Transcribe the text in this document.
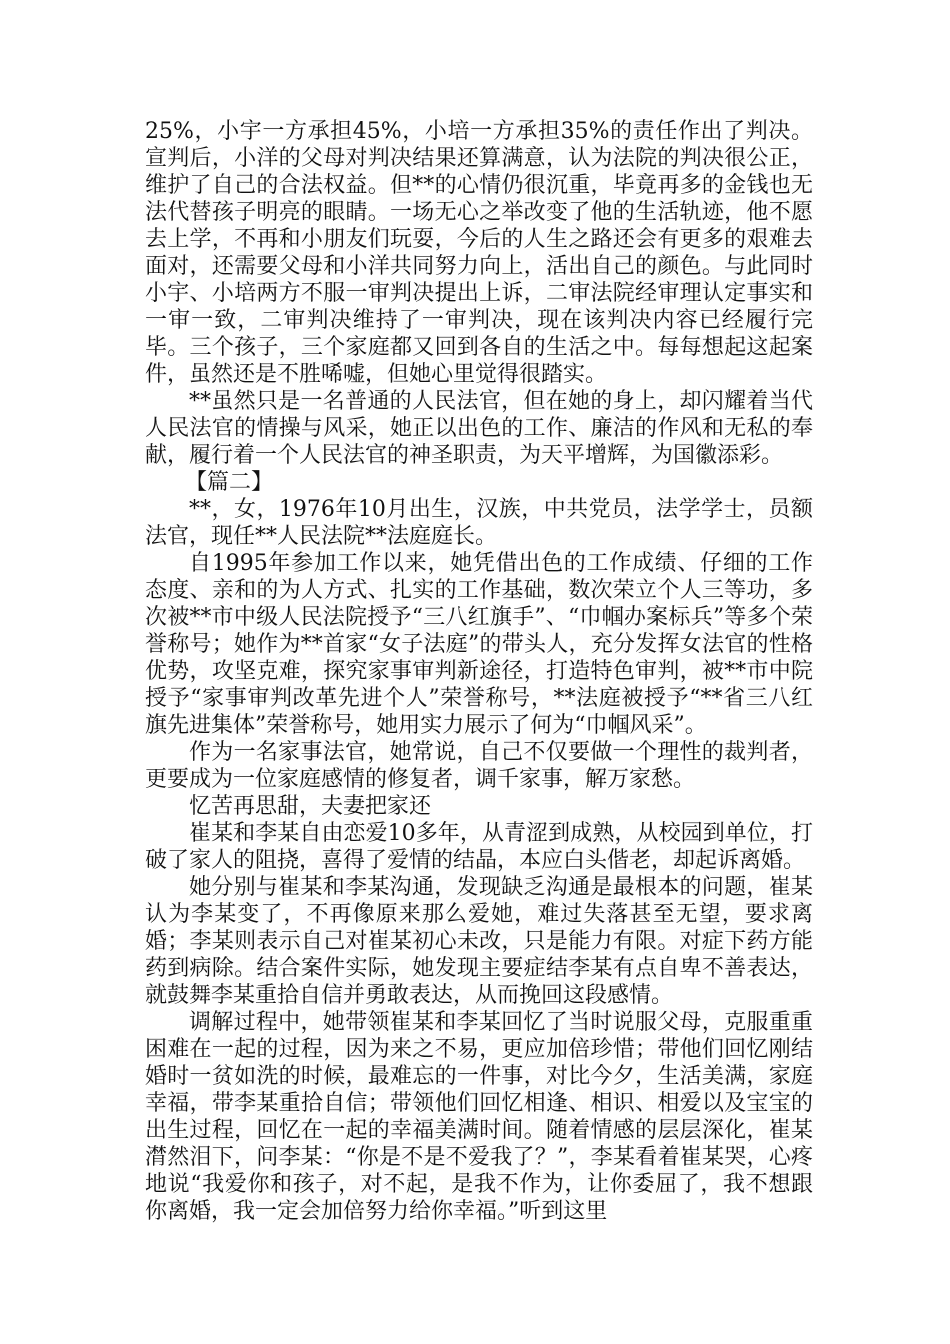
25%，小宇一方承担45%，小培一方承担35%的责任作出了判决。宣判后，小洋的父母对判决结果还算满意，认为法院的判决很公正，维护了自己的合法权益。但**的心情仍很沉重，毕竟再多的金钱也无法代替孩子明亮的眼睛。一场无心之举改变了他的生活轨迹，他不愿去上学，不再和小朋友们玩耍，今后的人生之路还会有更多的艰难去面对，还需要父母和小洋共同努力向上，活出自己的颜色。与此同时小宇、小培两方不服一审判决提出上诉，二审法院经审理认定事实和一审一致，二审判决维持了一审判决，现在该判决内容已经履行完毕。三个孩子，三个家庭都又回到各自的生活之中。每每想起这起案件，虽然还是不胜唏嘘，但她心里觉得很踏实。

**虽然只是一名普通的人民法官，但在她的身上，却闪耀着当代人民法官的情操与风采，她正以出色的工作、廉洁的作风和无私的奉献，履行着一个人民法官的神圣职责，为天平增辉，为国徽添彩。

【篇二】

**，女，1976年10月出生，汉族，中共党员，法学学士，员额法官，现任**人民法院**法庭庭长。

自1995年参加工作以来，她凭借出色的工作成绩、仔细的工作态度、亲和的为人方式、扎实的工作基础，数次荣立个人三等功，多次被**市中级人民法院授予“三八红旗手”、“巾帼办案标兵”等多个荣誉称号；她作为**首家“女子法庭”的带头人，充分发挥女法官的性格优势，攻坚克难，探究家事审判新途径，打造特色审判，被**市中院授予“家事审判改革先进个人”荣誉称号，**法庭被授予“**省三八红旗先进集体”荣誉称号，她用实力展示了何为“巾帼风采”。

作为一名家事法官，她常说，自己不仅要做一个理性的裁判者，更要成为一位家庭感情的修复者，调千家事，解万家愁。

忆苦再思甜，夫妻把家还

崔某和李某自由恋爱10多年，从青涩到成熟，从校园到单位，打破了家人的阻挠，喜得了爱情的结晶，本应白头偕老，却起诉离婚。

她分别与崔某和李某沟通，发现缺乏沟通是最根本的问题，崔某认为李某变了，不再像原来那么爱她，难过失落甚至无望，要求离婚；李某则表示自己对崔某初心未改，只是能力有限。对症下药方能药到病除。结合案件实际，她发现主要症结李某有点自卑不善表达，就鼓舞李某重拾自信并勇敢表达，从而挽回这段感情。

调解过程中，她带领崔某和李某回忆了当时说服父母，克服重重困难在一起的过程，因为来之不易，更应加倍珍惜；带他们回忆刚结婚时一贫如洗的时候，最难忘的一件事，对比今夕，生活美满，家庭幸福，带李某重拾自信；带领他们回忆相逢、相识、相爱以及宝宝的出生过程，回忆在一起的幸福美满时间。随着情感的层层深化，崔某潸然泪下，问李某：“你是不是不爱我了？”，李某看着崔某哭，心疼地说“我爱你和孩子，对不起，是我不作为，让你委屈了，我不想跟你离婚，我一定会加倍努力给你幸福。”听到这里
